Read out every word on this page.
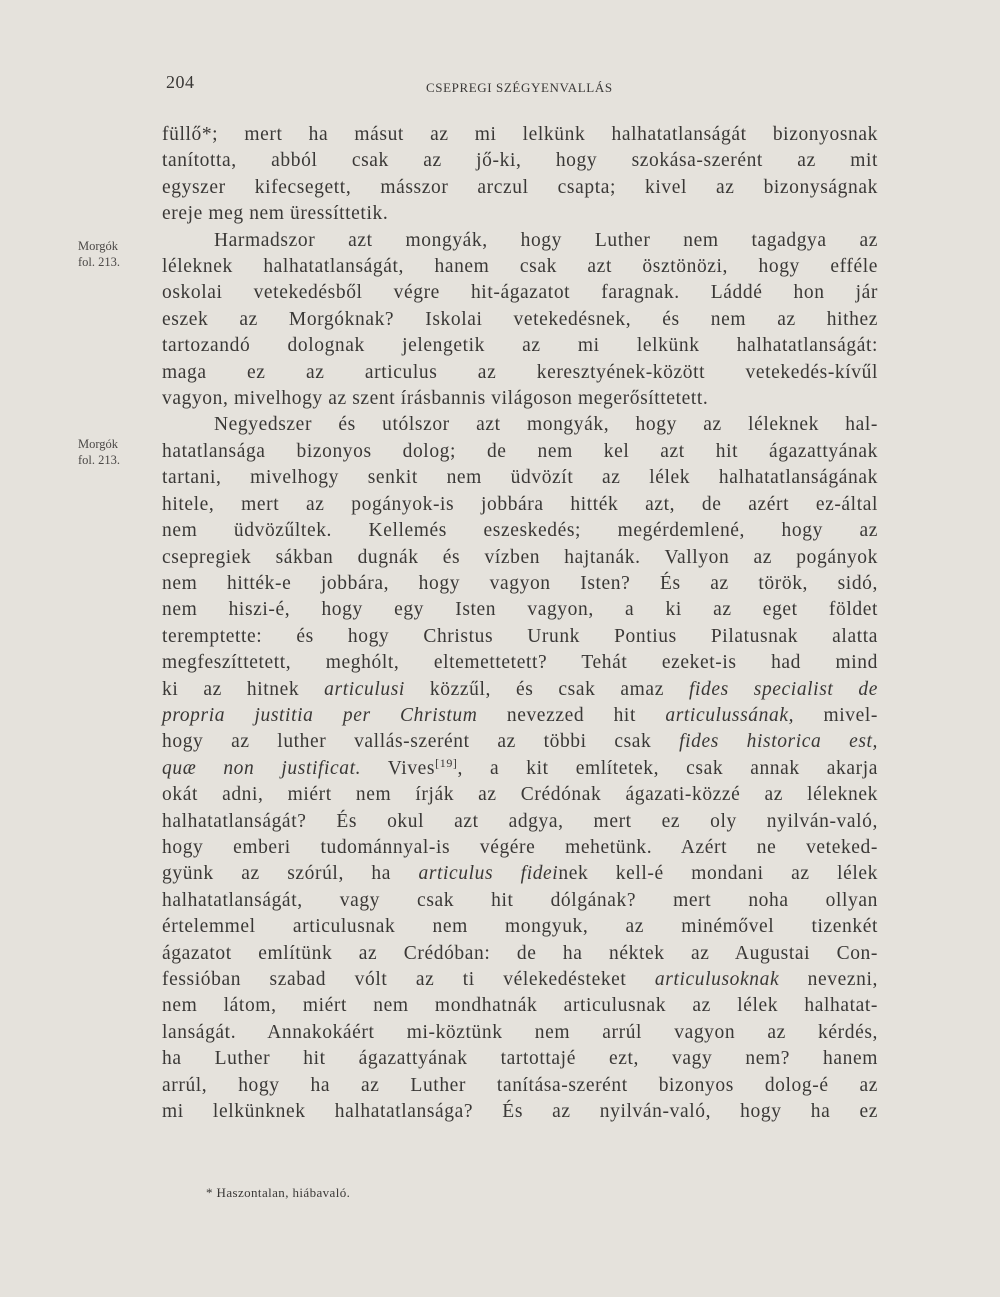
204	CSEPREGI SZÉGYENVALLÁS
Morgók
fol. 213.
Morgók
fol. 213.
füllő*; mert ha másut az mi lelkünk halhatatlanságát bizonyosnak
tanította, abból csak az jő-ki, hogy szokása-szerént az mit
egyszer kifecsegett, másszor arczul csapta; kivel az bizonyságnak
ereje meg nem üressíttetik.
Harmadszor azt mongyák, hogy Luther nem tagadgya az
léleknek halhatatlanságát, hanem csak azt ösztönözi, hogy efféle
oskolai vetekedésből végre hit-ágazatot faragnak. Láddé hon jár
eszek az Morgóknak? Iskolai vetekedésnek, és nem az hithez
tartozandó dolognak jelengetik az mi lelkünk halhatatlanságát:
maga ez az articulus az keresztyének-között vetekedés-kívűl
vagyon, mivelhogy az szent írásbannis világoson megerősíttetett.
Negyedszer és utólszor azt mongyák, hogy az léleknek hal-
hatatlansága bizonyos dolog; de nem kel azt hit ágazattyának
tartani, mivelhogy senkit nem üdvözít az lélek halhatatlanságának
hitele, mert az pogányok-is jobbára hitték azt, de azért ez-által
nem üdvözűltek. Kellemés eszeskedés; megérdemlené, hogy az
csepregiek sákban dugnák és vízben hajtanák. Vallyon az pogányok
nem hitték-e jobbára, hogy vagyon Isten? És az török, sidó,
nem hiszi-é, hogy egy Isten vagyon, a ki az eget földet
teremptette: és hogy Christus Urunk Pontius Pilatusnak alatta
megfeszíttetett, meghólt, eltemettetett? Tehát ezeket-is had mind
ki az hitnek articulusi közzűl, és csak amaz fides specialist de
propria justitia per Christum nevezzed hit articulussának, mivel-
hogy az luther vallás-szerént az többi csak fides historica est,
quæ non justificat. Vives[19], a kit említetek, csak annak akarja
okát adni, miért nem írják az Crédónak ágazati-közzé az léleknek
halhatatlanságát? És okul azt adgya, mert ez oly nyilván-való,
hogy emberi tudománnyal-is végére mehetünk. Azért ne veteked-
gyünk az szórúl, ha articulus fideinek kell-é mondani az lélek
halhatatlanságát, vagy csak hit dólgának? mert noha ollyan
értelemmel articulusnak nem mongyuk, az minémővel tizenkét
ágazatot említünk az Crédóban: de ha néktek az Augustai Con-
fessióban szabad vólt az ti vélekedésteket articulusoknak nevezni,
nem látom, miért nem mondhatnák articulusnak az lélek halhatat-
lanságát. Annakokáért mi-köztünk nem arrúl vagyon az kérdés,
ha Luther hit ágazattyának tartottajé ezt, vagy nem? hanem
arrúl, hogy ha az Luther tanítása-szerént bizonyos dolog-é az
mi lelkünknek halhatatlansága? És az nyilván-való, hogy ha ez
* Haszontalan, hiábavaló.
